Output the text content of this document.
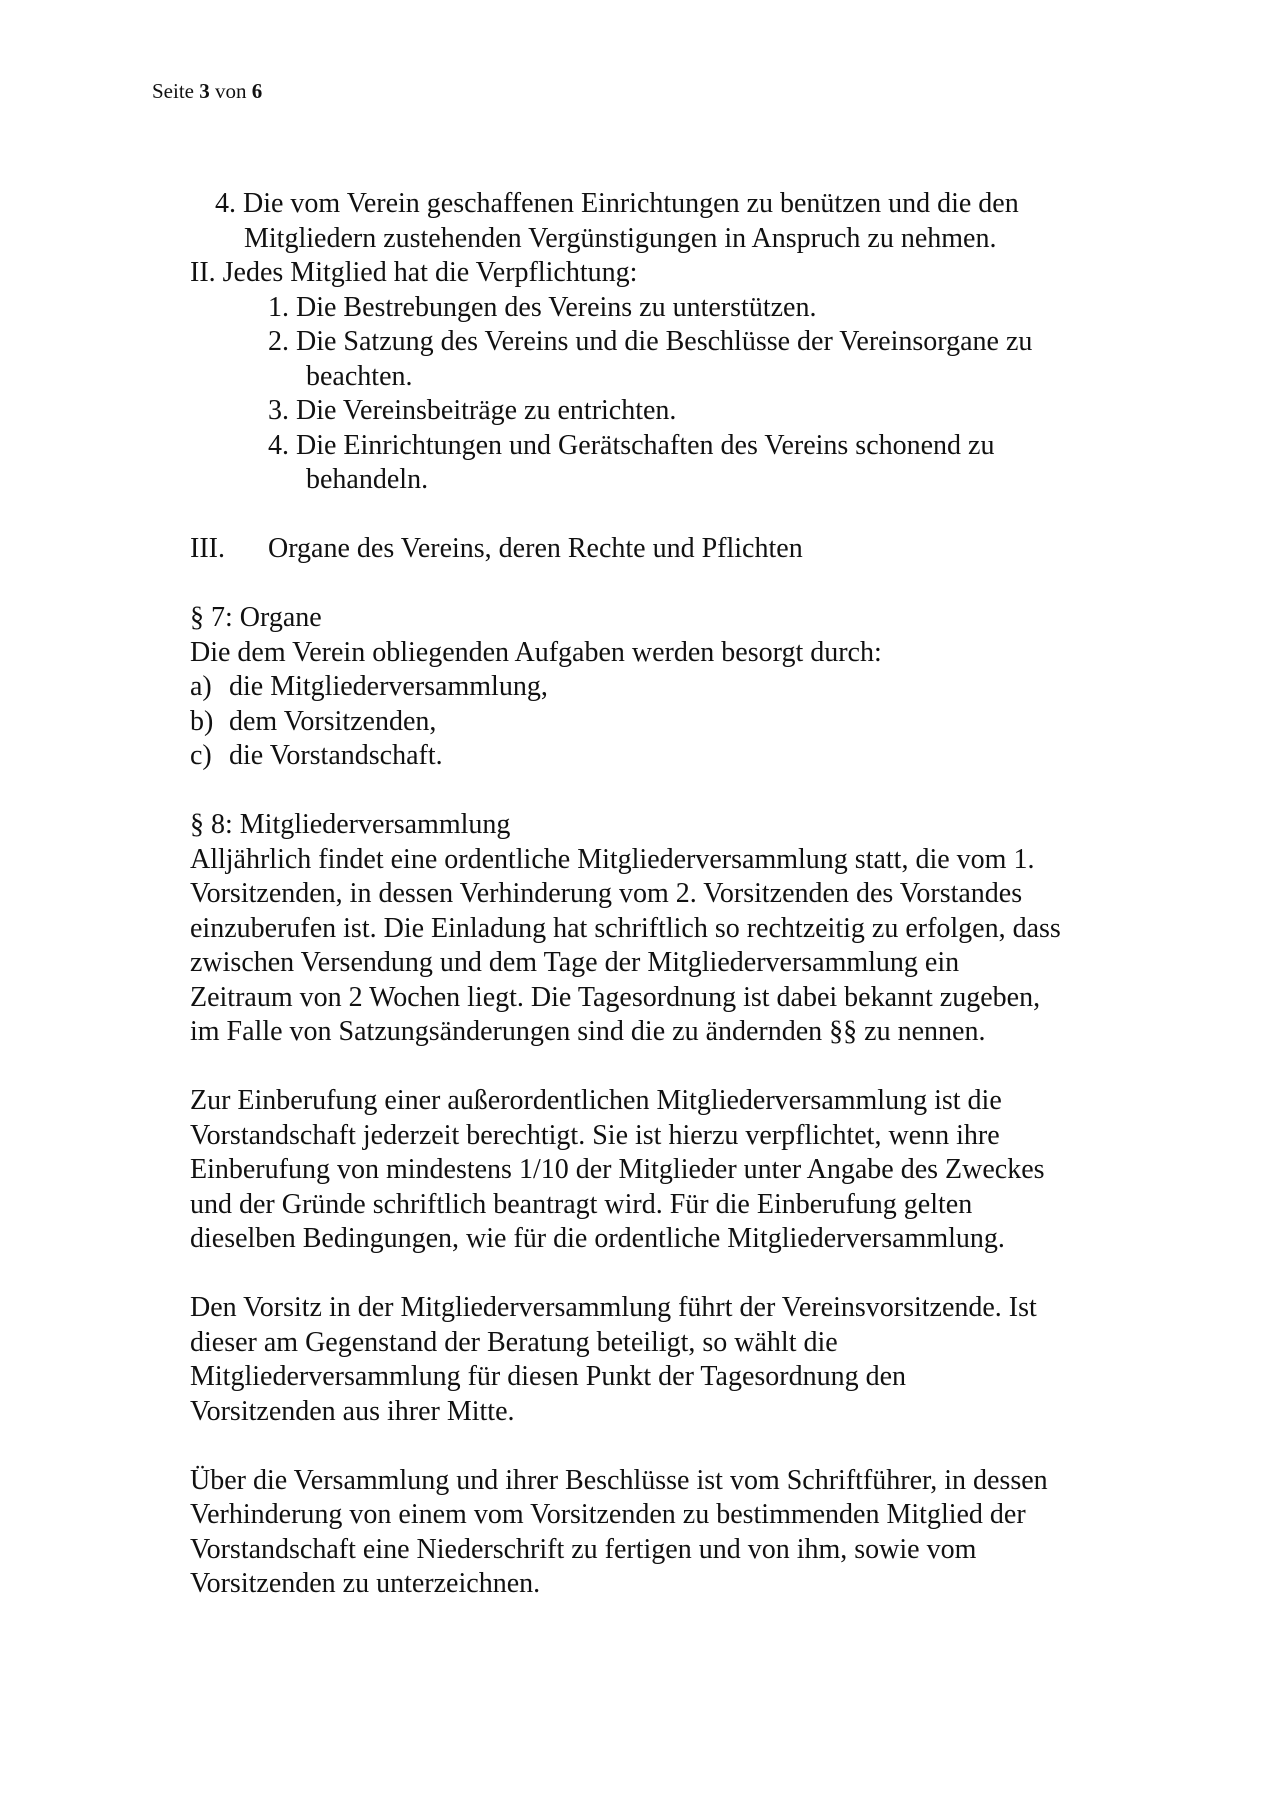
Seite 3 von 6
4. Die vom Verein geschaffenen Einrichtungen zu benützen und die den
Mitgliedern zustehenden Vergünstigungen in Anspruch zu nehmen.
II. Jedes Mitglied hat die Verpflichtung:
1. Die Bestrebungen des Vereins zu unterstützen.
2. Die Satzung des Vereins und die Beschlüsse der Vereinsorgane zu
beachten.
3. Die Vereinsbeiträge zu entrichten.
4. Die Einrichtungen und Gerätschaften des Vereins schonend zu
behandeln.
III. Organe des Vereins, deren Rechte und Pflichten
§ 7: Organe
Die dem Verein obliegenden Aufgaben werden besorgt durch:
a) die Mitgliederversammlung,
b) dem Vorsitzenden,
c) die Vorstandschaft.
§ 8: Mitgliederversammlung
Alljährlich findet eine ordentliche Mitgliederversammlung statt, die vom 1.
Vorsitzenden, in dessen Verhinderung vom 2. Vorsitzenden des Vorstandes
einzuberufen ist. Die Einladung hat schriftlich so rechtzeitig zu erfolgen, dass
zwischen Versendung und dem Tage der Mitgliederversammlung ein
Zeitraum von 2 Wochen liegt. Die Tagesordnung ist dabei bekannt zugeben,
im Falle von Satzungsänderungen sind die zu ändernden §§ zu nennen.
Zur Einberufung einer außerordentlichen Mitgliederversammlung ist die
Vorstandschaft jederzeit berechtigt. Sie ist hierzu verpflichtet, wenn ihre
Einberufung von mindestens 1/10 der Mitglieder unter Angabe des Zweckes
und der Gründe schriftlich beantragt wird. Für die Einberufung gelten
dieselben Bedingungen, wie für die ordentliche Mitgliederversammlung.
Den Vorsitz in der Mitgliederversammlung führt der Vereinsvorsitzende. Ist
dieser am Gegenstand der Beratung beteiligt, so wählt die
Mitgliederversammlung für diesen Punkt der Tagesordnung den
Vorsitzenden aus ihrer Mitte.
Über die Versammlung und ihrer Beschlüsse ist vom Schriftführer, in dessen
Verhinderung von einem vom Vorsitzenden zu bestimmenden Mitglied der
Vorstandschaft eine Niederschrift zu fertigen und von ihm, sowie vom
Vorsitzenden zu unterzeichnen.
